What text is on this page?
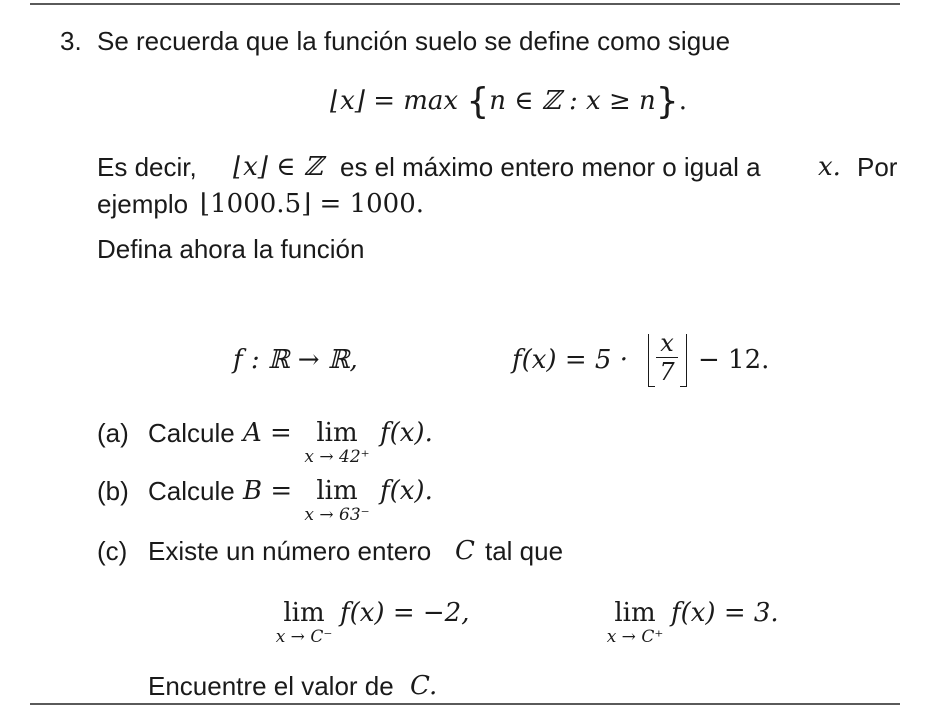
3. Se recuerda que la función suelo se define como sigue
⌊x⌋ = max {n ∈ ℤ : x ≥ n}.
Es decir, ⌊x⌋ ∈ ℤ es el máximo entero menor o igual a x. Por
ejemplo ⌊1000.5⌋ = 1000.
Defina ahora la función
f : ℝ → ℝ,	f(x) = 5 ·
x
7 − 12.
(a) Calcule A = lim
x → 42⁺
f(x).
(b) Calcule B = lim
x → 63⁻
f(x).
(c) Existe un número entero C tal que
lim
x → C⁻
f(x) = −2,	lim
x → C⁺
f(x) = 3.
Encuentre el valor de C.
